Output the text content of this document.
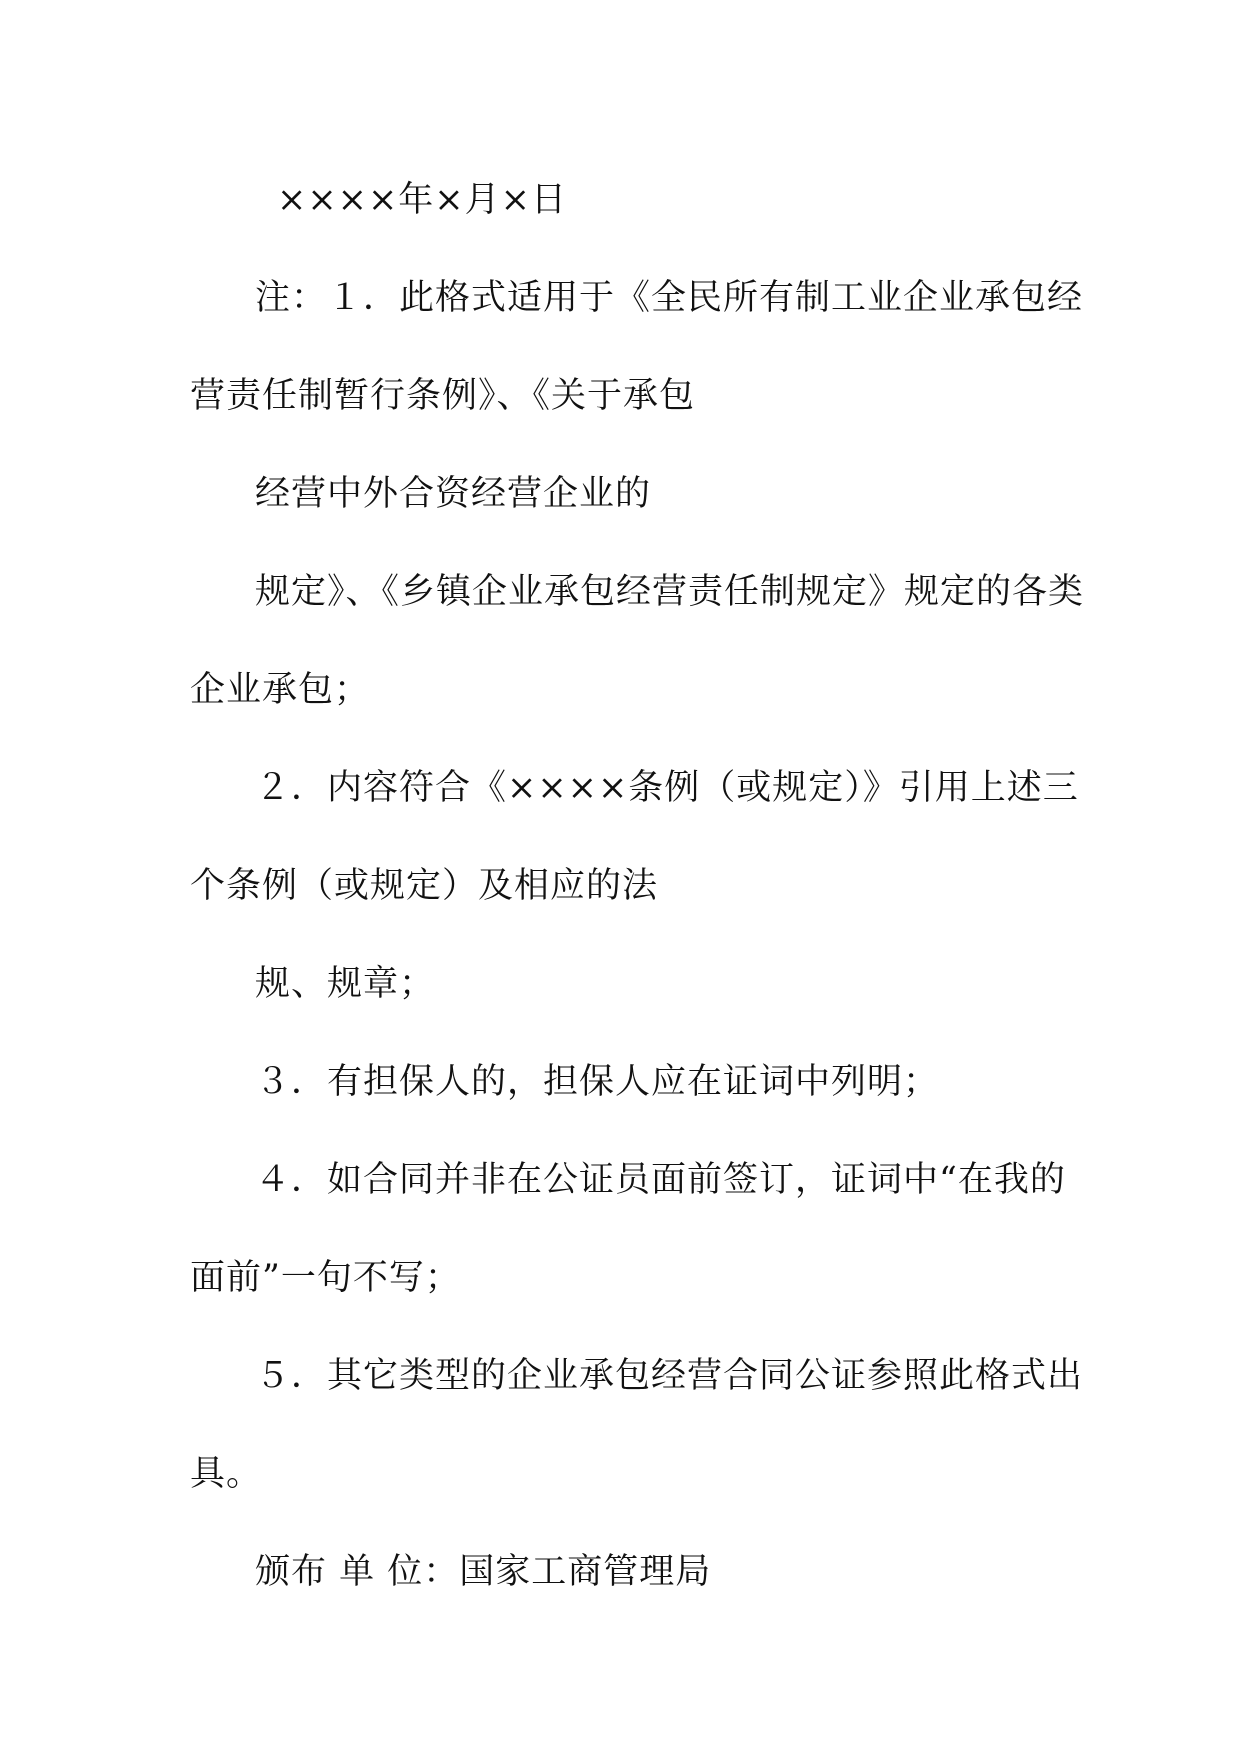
××××年×月×日
注：１．此格式适用于《全民所有制工业企业承包经
营责任制暂行条例》、《关于承包
经营中外合资经营企业的
规定》、《乡镇企业承包经营责任制规定》规定的各类
企业承包；
２．内容符合《××××条例（或规定）》引用上述三
个条例（或规定）及相应的法
规、规章；
３．有担保人的，担保人应在证词中列明；
４．如合同并非在公证员面前签订，证词中“在我的
面前”一句不写；
５．其它类型的企业承包经营合同公证参照此格式出
具。
颁布 单 位：国家工商管理局
